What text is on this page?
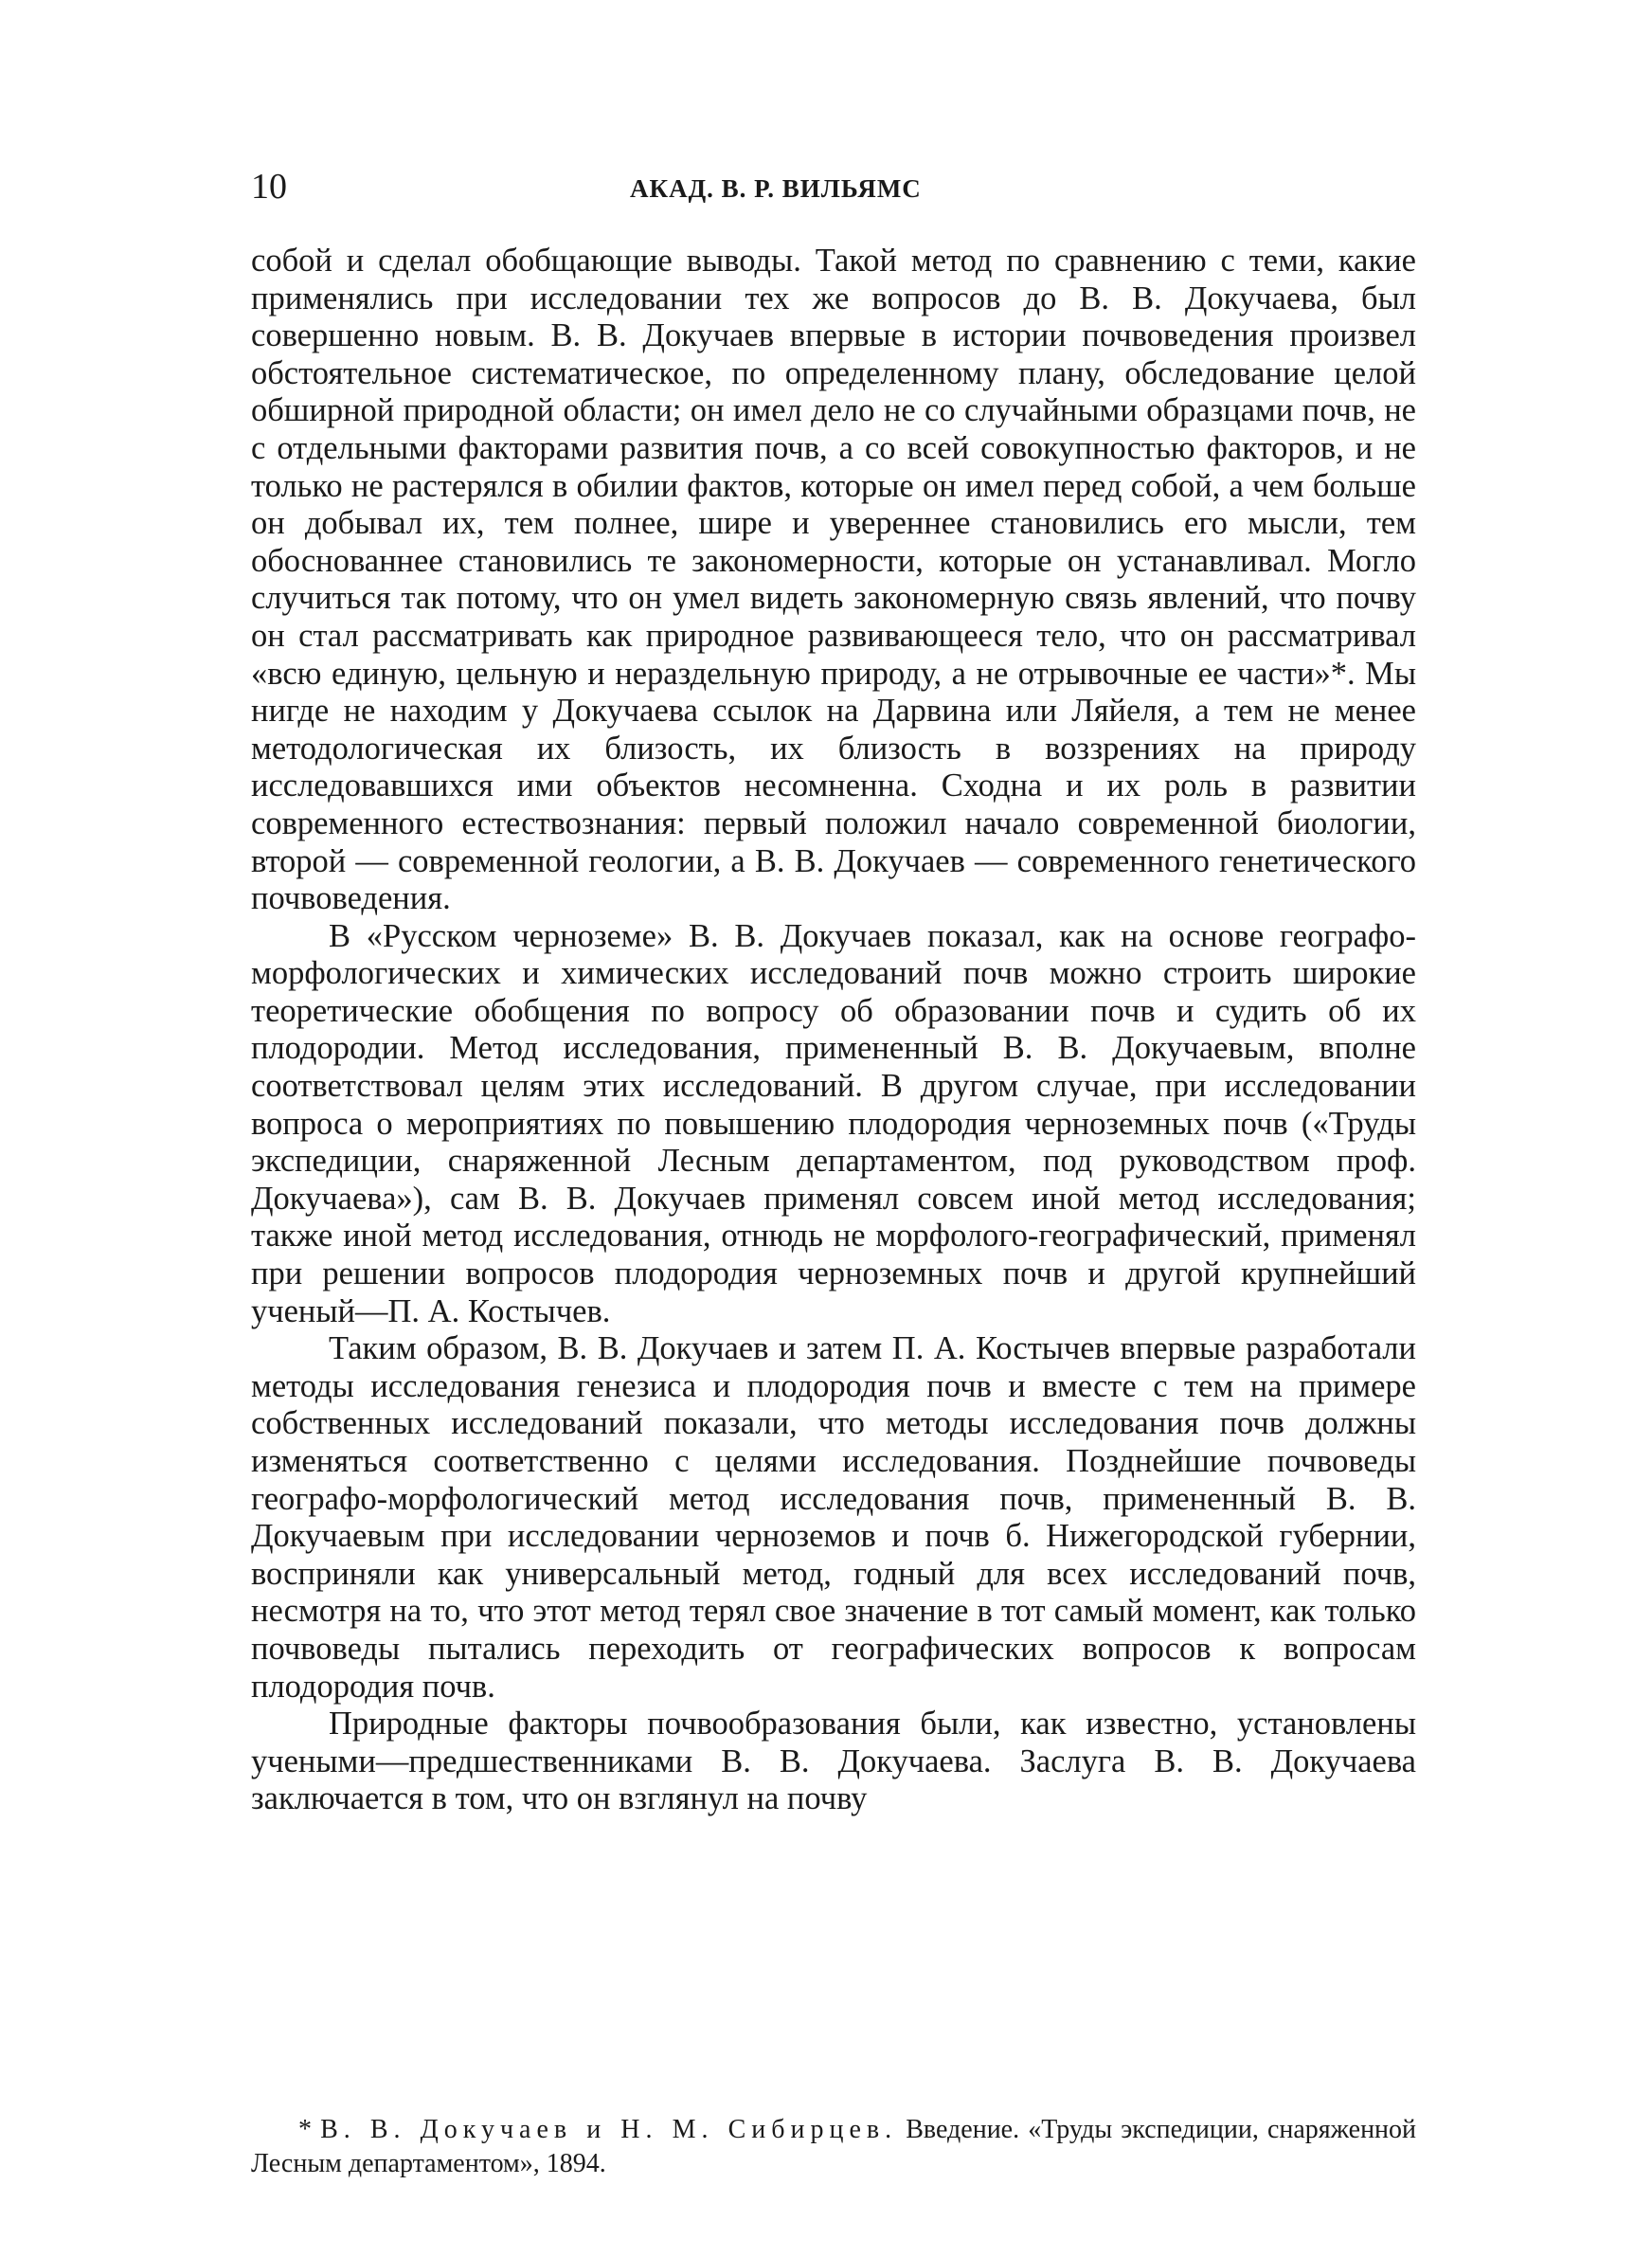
10	АКАД. В. Р. ВИЛЬЯМС

собой и сделал обобщающие выводы. Такой метод по сравнению с теми, какие применялись при исследовании тех же вопросов до В. В. Докучаева, был совершенно новым. В. В. Докучаев впервые в истории почвоведения произвел обстоятельное систематическое, по определенному плану, обследование целой обширной природной области; он имел дело не со случайными образцами почв, не с отдельными факторами развития почв, а со всей совокупностью факторов, и не только не растерялся в обилии фактов, которые он имел перед собой, а чем больше он добывал их, тем полнее, шире и увереннее становились его мысли, тем обоснованнее становились те закономерности, которые он устанавливал. Могло случиться так потому, что он умел видеть закономерную связь явлений, что почву он стал рассматривать как природное развивающееся тело, что он рассматривал «всю единую, цельную и нераздельную природу, а не отрывочные ее части»*. Мы нигде не находим у Докучаева ссылок на Дарвина или Ляйеля, а тем не менее методологическая их близость, их близость в воззрениях на природу исследовавшихся ими объектов несомненна. Сходна и их роль в развитии современного естествознания: первый положил начало современной биологии, второй — современной геологии, а В. В. Докучаев — современного генетического почвоведения.

В «Русском черноземе» В. В. Докучаев показал, как на основе географо-морфологических и химических исследований почв можно строить широкие теоретические обобщения по вопросу об образовании почв и судить об их плодородии. Метод исследования, примененный В. В. Докучаевым, вполне соответствовал целям этих исследований. В другом случае, при исследовании вопроса о мероприятиях по повышению плодородия черноземных почв («Труды экспедиции, снаряженной Лесным департаментом, под руководством проф. Докучаева»), сам В. В. Докучаев применял совсем иной метод исследования; также иной метод исследования, отнюдь не морфолого-географический, применял при решении вопросов плодородия черноземных почв и другой крупнейший ученый—П. А. Костычев.

Таким образом, В. В. Докучаев и затем П. А. Костычев впервые разработали методы исследования генезиса и плодородия почв и вместе с тем на примере собственных исследований показали, что методы исследования почв должны изменяться соответственно с целями исследования. Позднейшие почвоведы географо-морфологический метод исследования почв, примененный В. В. Докучаевым при исследовании черноземов и почв б. Нижегородской губернии, восприняли как универсальный метод, годный для всех исследований почв, несмотря на то, что этот метод терял свое значение в тот самый момент, как только почвоведы пытались переходить от географических вопросов к вопросам плодородия почв.

Природные факторы почвообразования были, как известно, установлены учеными—предшественниками В. В. Докучаева. Заслуга В. В. Докучаева заключается в том, что он взглянул на почву

* В. В. Докучаев и Н. М. Сибирцев. Введение. «Труды экспедиции, снаряженной Лесным департаментом», 1894.
